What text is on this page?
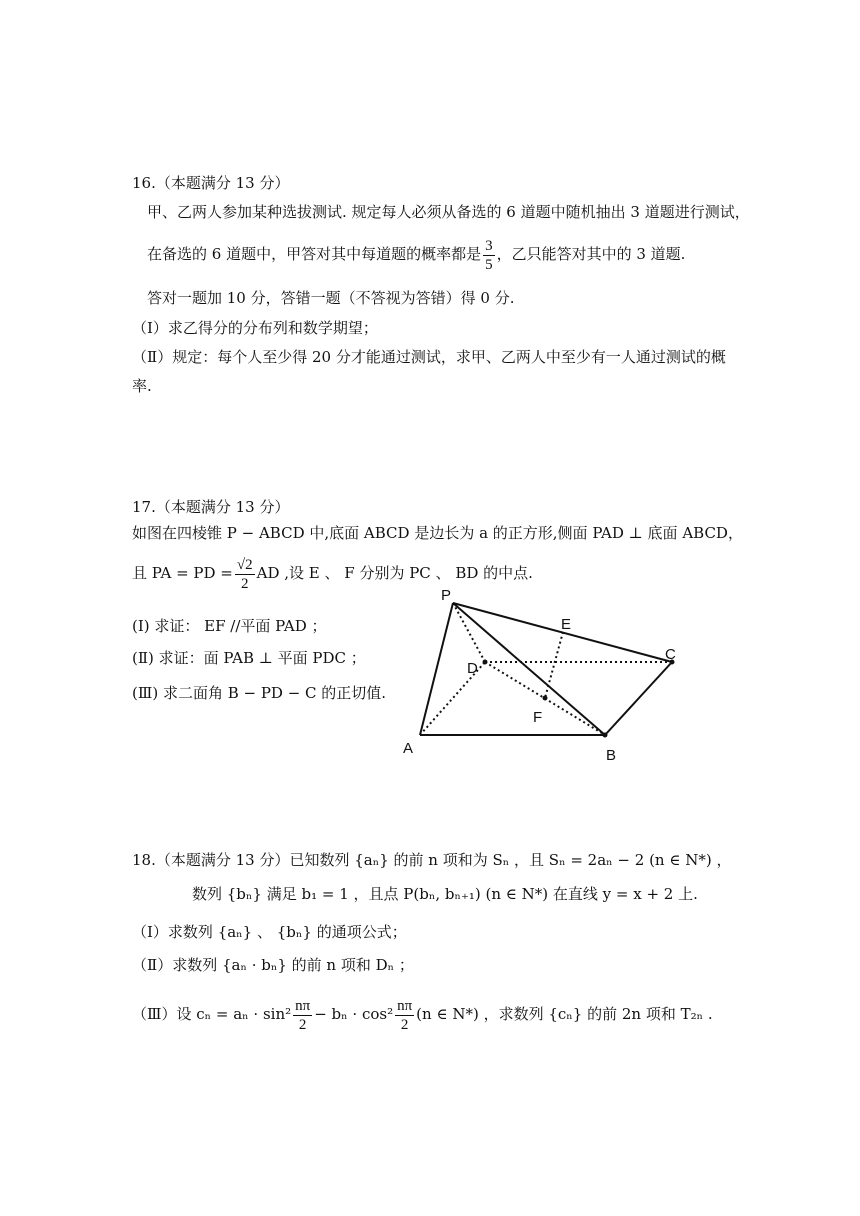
16.（本题满分 13 分）
甲、乙两人参加某种选拔测试. 规定每人必须从备选的 6 道题中随机抽出 3 道题进行测试，
在备选的 6 道题中，甲答对其中每道题的概率都是 $\frac{3}{5}$ ，乙只能答对其中的 3 道题.
答对一题加 10 分，答错一题（不答视为答错）得 0 分.
（Ⅰ）求乙得分的分布列和数学期望；
（Ⅱ）规定：每个人至少得 20 分才能通过测试，求甲、乙两人中至少有一人通过测试的概
率.
17.（本题满分 13 分）
如图在四棱锥 P − ABCD 中,底面 ABCD 是边长为 a 的正方形,侧面 PAD ⊥ 底面 ABCD，
且 PA = PD = $\frac{√2}{2}$ AD ,设 E 、 F 分别为 PC 、 BD 的中点.
(Ⅰ) 求证： EF //平面 PAD ；
(Ⅱ) 求证：面 PAB ⊥ 平面 PDC ；
(Ⅲ) 求二面角 B − PD − C 的正切值.
P
E
C
D
F
A	B
18.（本题满分 13 分）已知数列 {aₙ} 的前 n 项和为 Sₙ ，且 Sₙ = 2aₙ − 2 (n ∈ N*) ，
数列 {bₙ} 满足 b₁ = 1 ，且点 P(bₙ, bₙ₊₁) (n ∈ N*) 在直线 y = x + 2 上.
（Ⅰ）求数列 {aₙ} 、 {bₙ} 的通项公式；
（Ⅱ）求数列 {aₙ · bₙ} 的前 n 项和 Dₙ ；
（Ⅲ）设 $c_n = a_n \cdot \sin^2 \frac{n\pi}{2} - b_n \cdot \cos^2 \frac{n\pi}{2} (n$ ∈ N*) ，求数列 {cₙ} 的前 2n 项和 T₂ₙ .
